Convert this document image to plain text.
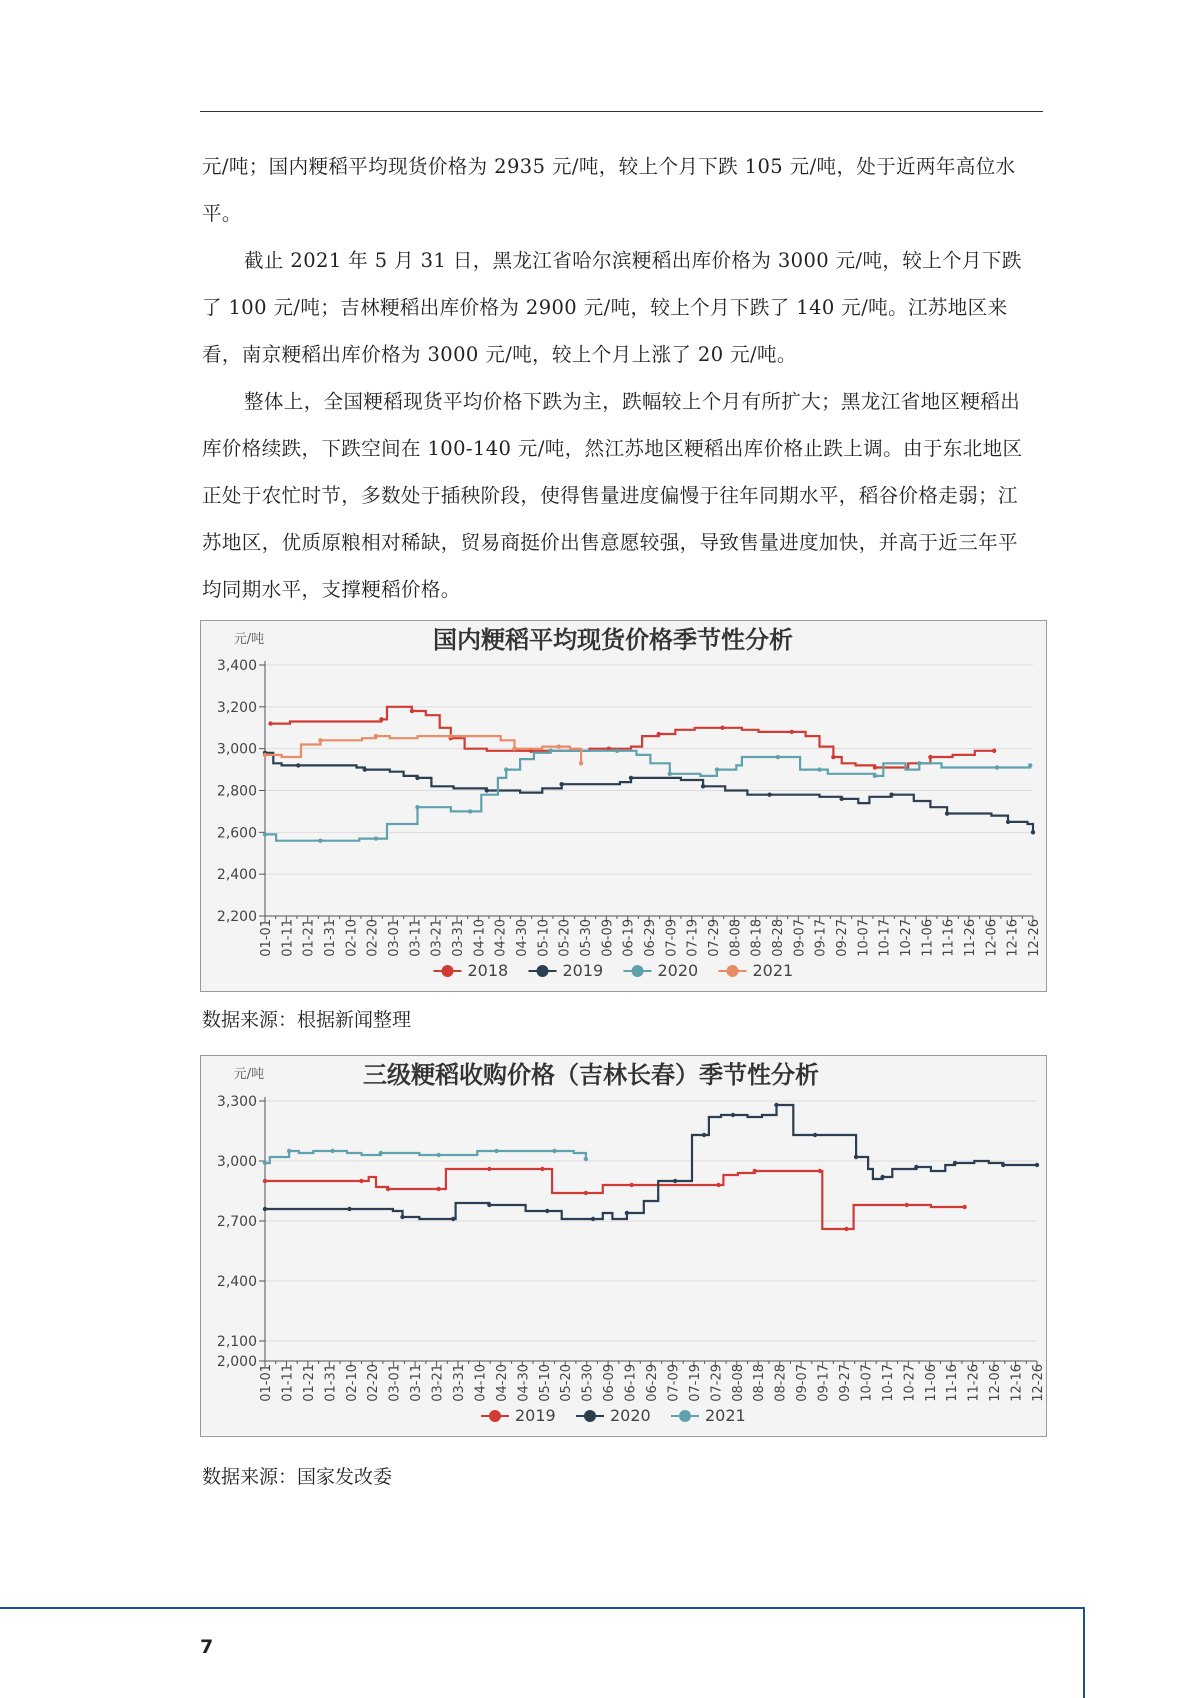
元/吨；国内粳稻平均现货价格为 2935 元/吨，较上个月下跌 105 元/吨，处于近两年高位水平。

截止 2021 年 5 月 31 日，黑龙江省哈尔滨粳稻出库价格为 3000 元/吨，较上个月下跌了 100 元/吨；吉林粳稻出库价格为 2900 元/吨，较上个月下跌了 140 元/吨。江苏地区来看，南京粳稻出库价格为 3000 元/吨，较上个月上涨了 20 元/吨。

整体上，全国粳稻现货平均价格下跌为主，跌幅较上个月有所扩大；黑龙江省地区粳稻出库价格续跌，下跌空间在 100-140 元/吨，然江苏地区粳稻出库价格止跌上调。由于东北地区正处于农忙时节，多数处于插秧阶段，使得售量进度偏慢于往年同期水平，稻谷价格走弱；江苏地区，优质原粮相对稀缺，贸易商挺价出售意愿较强，导致售量进度加快，并高于近三年平均同期水平，支撑粳稻价格。

国内粳稻平均现货价格季节性分析
元/吨
2,200
2,400
2,600
2,800
3,000
3,200
3,400
01-01 01-11 01-21 01-31 02-10 02-20 03-01 03-11 03-21 03-31 04-10 04-20 04-30 05-10 05-20 05-30 06-09 06-19 06-29 07-09 07-19 07-29 08-08 08-18 08-28 09-07 09-17 09-27 10-07 10-17 10-27 11-06 11-16 11-26 12-06 12-16 12-26
2018	2019	2020	2021
数据来源：根据新闻整理
三级粳稻收购价格（吉林长春）季节性分析
元/吨
2,000
2,100
2,400
2,700
3,000
3,300
01-01 01-11 01-21 01-31 02-10 02-20 03-01 03-11 03-21 03-31 04-10 04-20 04-30 05-10 05-20 05-30 06-09 06-19 06-29 07-09 07-19 07-29 08-08 08-18 08-28 09-07 09-17 09-27 10-07 10-17 10-27 11-06 11-16 11-26 12-06 12-16 12-26
2019	2020	2021
数据来源：国家发改委
7
